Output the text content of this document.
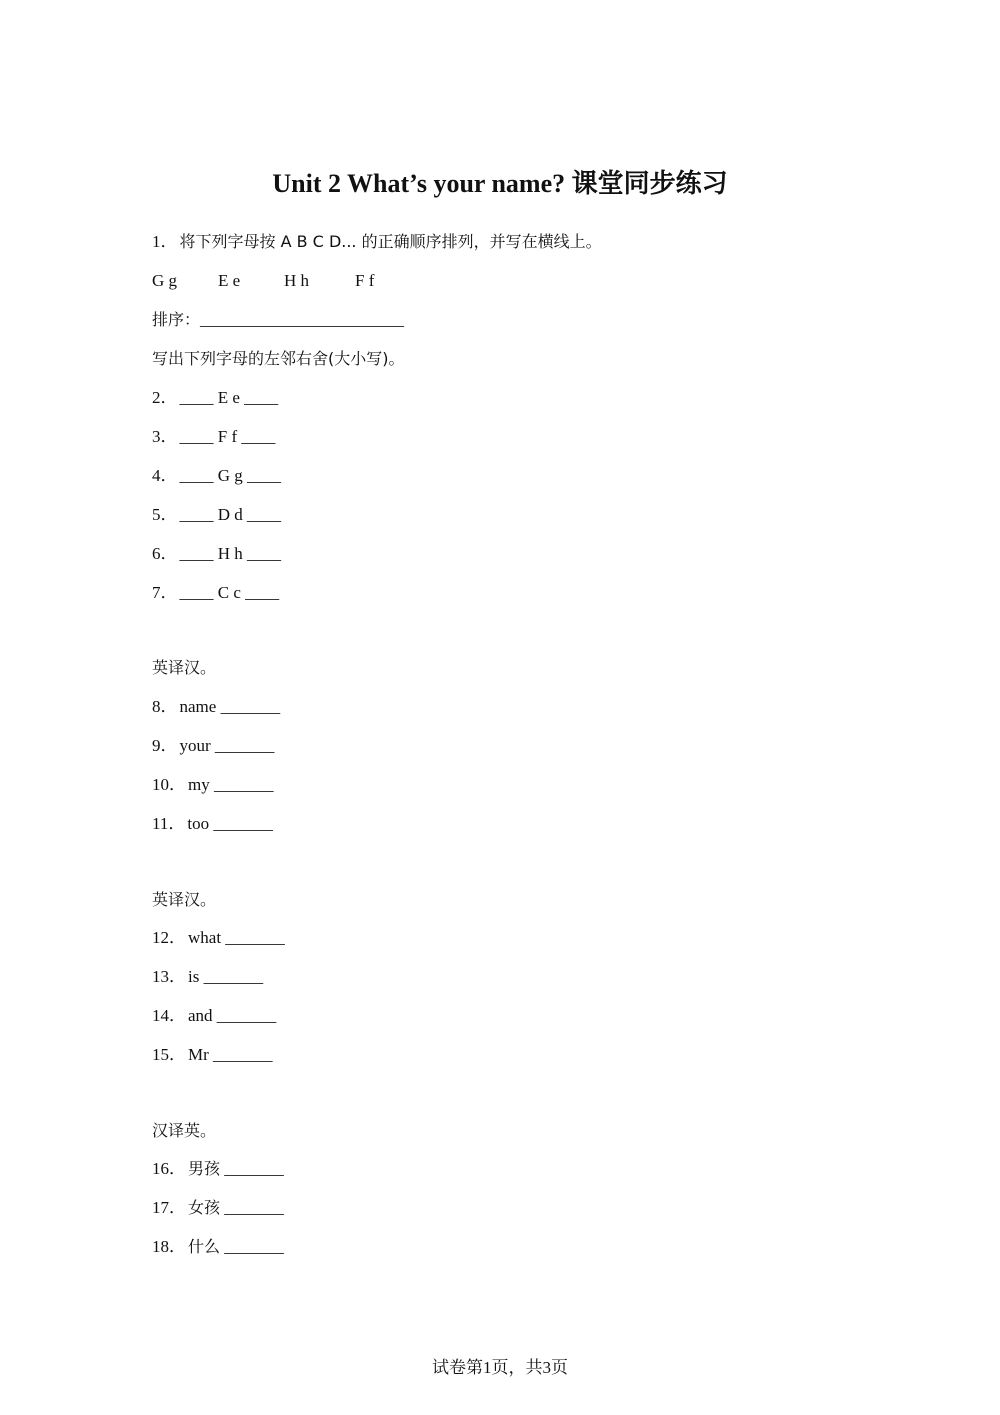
Unit 2 What’s your name? 课堂同步练习
1． 将下列字母按 A B C D... 的正确顺序排列，并写在横线上。
G g E e	H h	F f
排序：________________________
写出下列字母的左邻右舍(大小写)。
2． ____ E e ____
3． ____ F f ____
4． ____ G g ____
5． ____ D d ____
6． ____ H h ____
7． ____ C c ____
英译汉。
8． name _______
9． your _______
10． my _______
11． too _______
英译汉。
12． what _______
13． is _______
14． and _______
15． Mr _______
汉译英。
16． 男孩 _______
17． 女孩 _______
18． 什么 _______
试卷第1页，共3页
